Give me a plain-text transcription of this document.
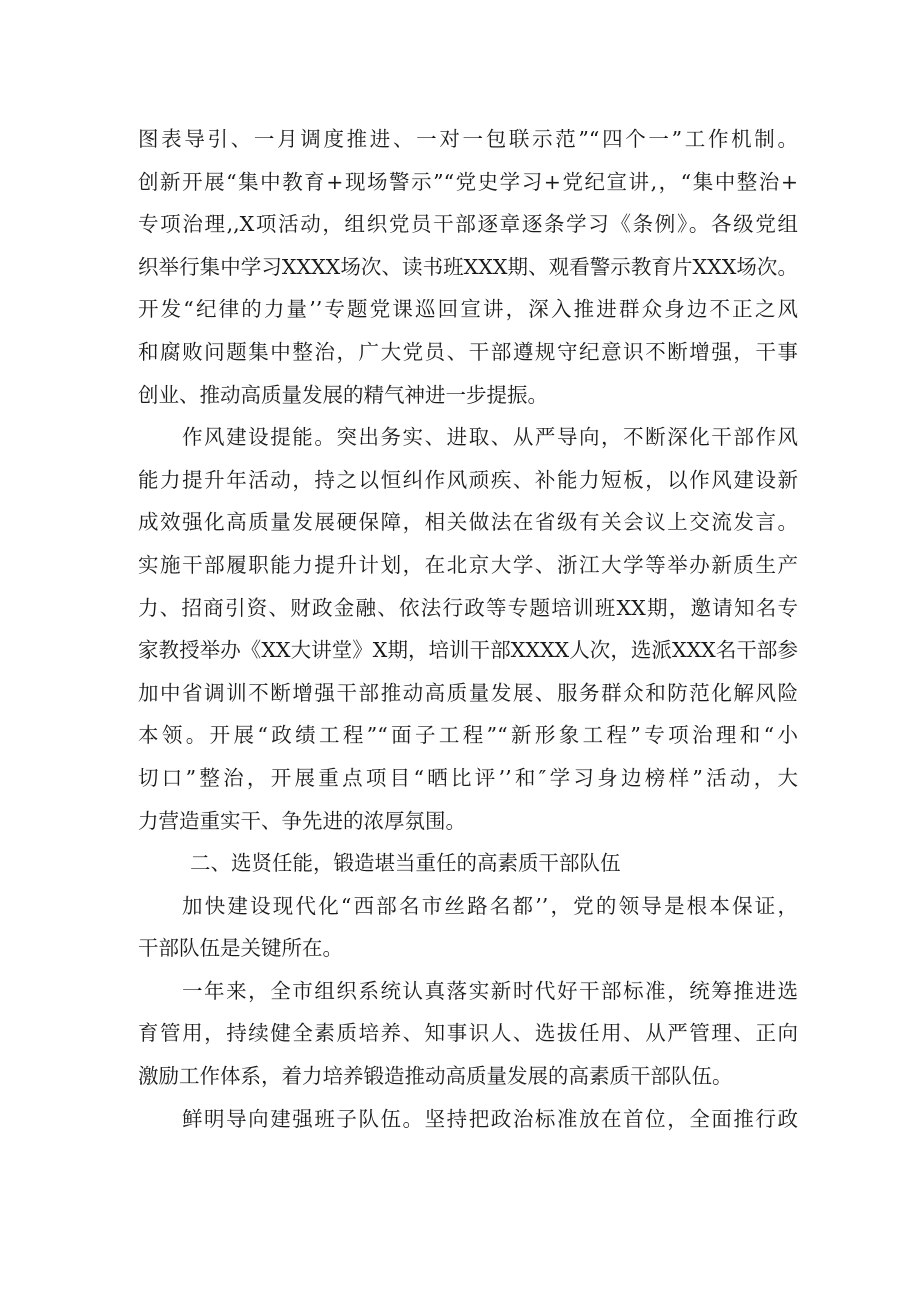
图表导引、一月调度推进、一对一包联示范”“四个一”工作机制。
创新开展“集中教育+现场警示”“党史学习+党纪宣讲,，“集中整治+
专项治理,,X项活动，组织党员干部逐章逐条学习《条例》。各级党组
织举行集中学习XXXX场次、读书班XXX期、观看警示教育片XXX场次。
开发“纪律的力量’’专题党课巡回宣讲，深入推进群众身边不正之风
和腐败问题集中整治，广大党员、干部遵规守纪意识不断增强，干事
创业、推动高质量发展的精气神进一步提振。
作风建设提能。突出务实、进取、从严导向，不断深化干部作风
能力提升年活动，持之以恒纠作风顽疾、补能力短板，以作风建设新
成效强化高质量发展硬保障，相关做法在省级有关会议上交流发言。
实施干部履职能力提升计划，在北京大学、浙江大学等举办新质生产
力、招商引资、财政金融、依法行政等专题培训班XX期，邀请知名专
家教授举办《XX大讲堂》X期，培训干部XXXX人次，选派XXX名干部参
加中省调训不断增强干部推动高质量发展、服务群众和防范化解风险
本领。开展“政绩工程”“面子工程”“新形象工程”专项治理和“小
切口”整治，开展重点项目“晒比评’’和″学习身边榜样”活动，大
力营造重实干、争先进的浓厚氛围。
二、选贤任能，锻造堪当重任的高素质干部队伍
加快建设现代化“西部名市丝路名都’’，党的领导是根本保证，
干部队伍是关键所在。
一年来，全市组织系统认真落实新时代好干部标准，统筹推进选
育管用，持续健全素质培养、知事识人、选拔任用、从严管理、正向
激励工作体系，着力培养锻造推动高质量发展的高素质干部队伍。
鲜明导向建强班子队伍。坚持把政治标准放在首位，全面推行政
